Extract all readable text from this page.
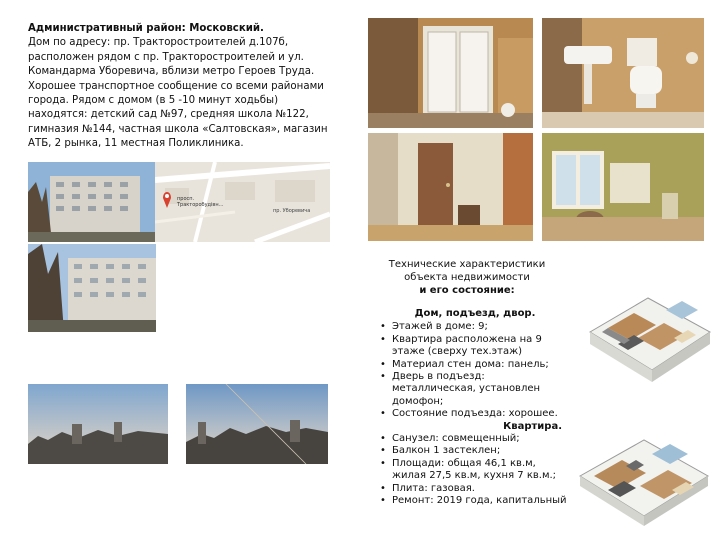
Административный район: Московский.

Дом по адресу: пр. Тракторостроителей д.107б,

расположен рядом с пр. Тракторостроителей и ул.

Командарма Уборевича, вблизи метро Героев Труда.

Хорошее транспортное сообщение со всеми районами

города. Рядом с домом (в 5 -10 минут ходьбы)

находятся: детский сад №97, средняя школа №122,

гимназия №144, частная школа «Салтовская», магазин

АТБ, 2 рынка, 11 местная Поликлиника.

проcп.
Тракторобудівн...
пр. Уборевича
Технические характеристики
объекта недвижимости
и его состояние:
Дом, подъезд, двор.
• Этажей в доме: 9;
• Квартира расположена на 9 этаже (сверху тех.этаж)
• Материал стен дома: панель;
• Дверь в подъезд: металлическая, установлен домофон;
• Состояние подъезда: хорошее.
Квартира.
• Санузел: совмещенный;
• Балкон 1 застеклен;
• Площади: общая 46,1 кв.м, жилая 27,5 кв.м, кухня 7 кв.м.;
• Плита: газовая.
• Ремонт: 2019 года, капитальный
